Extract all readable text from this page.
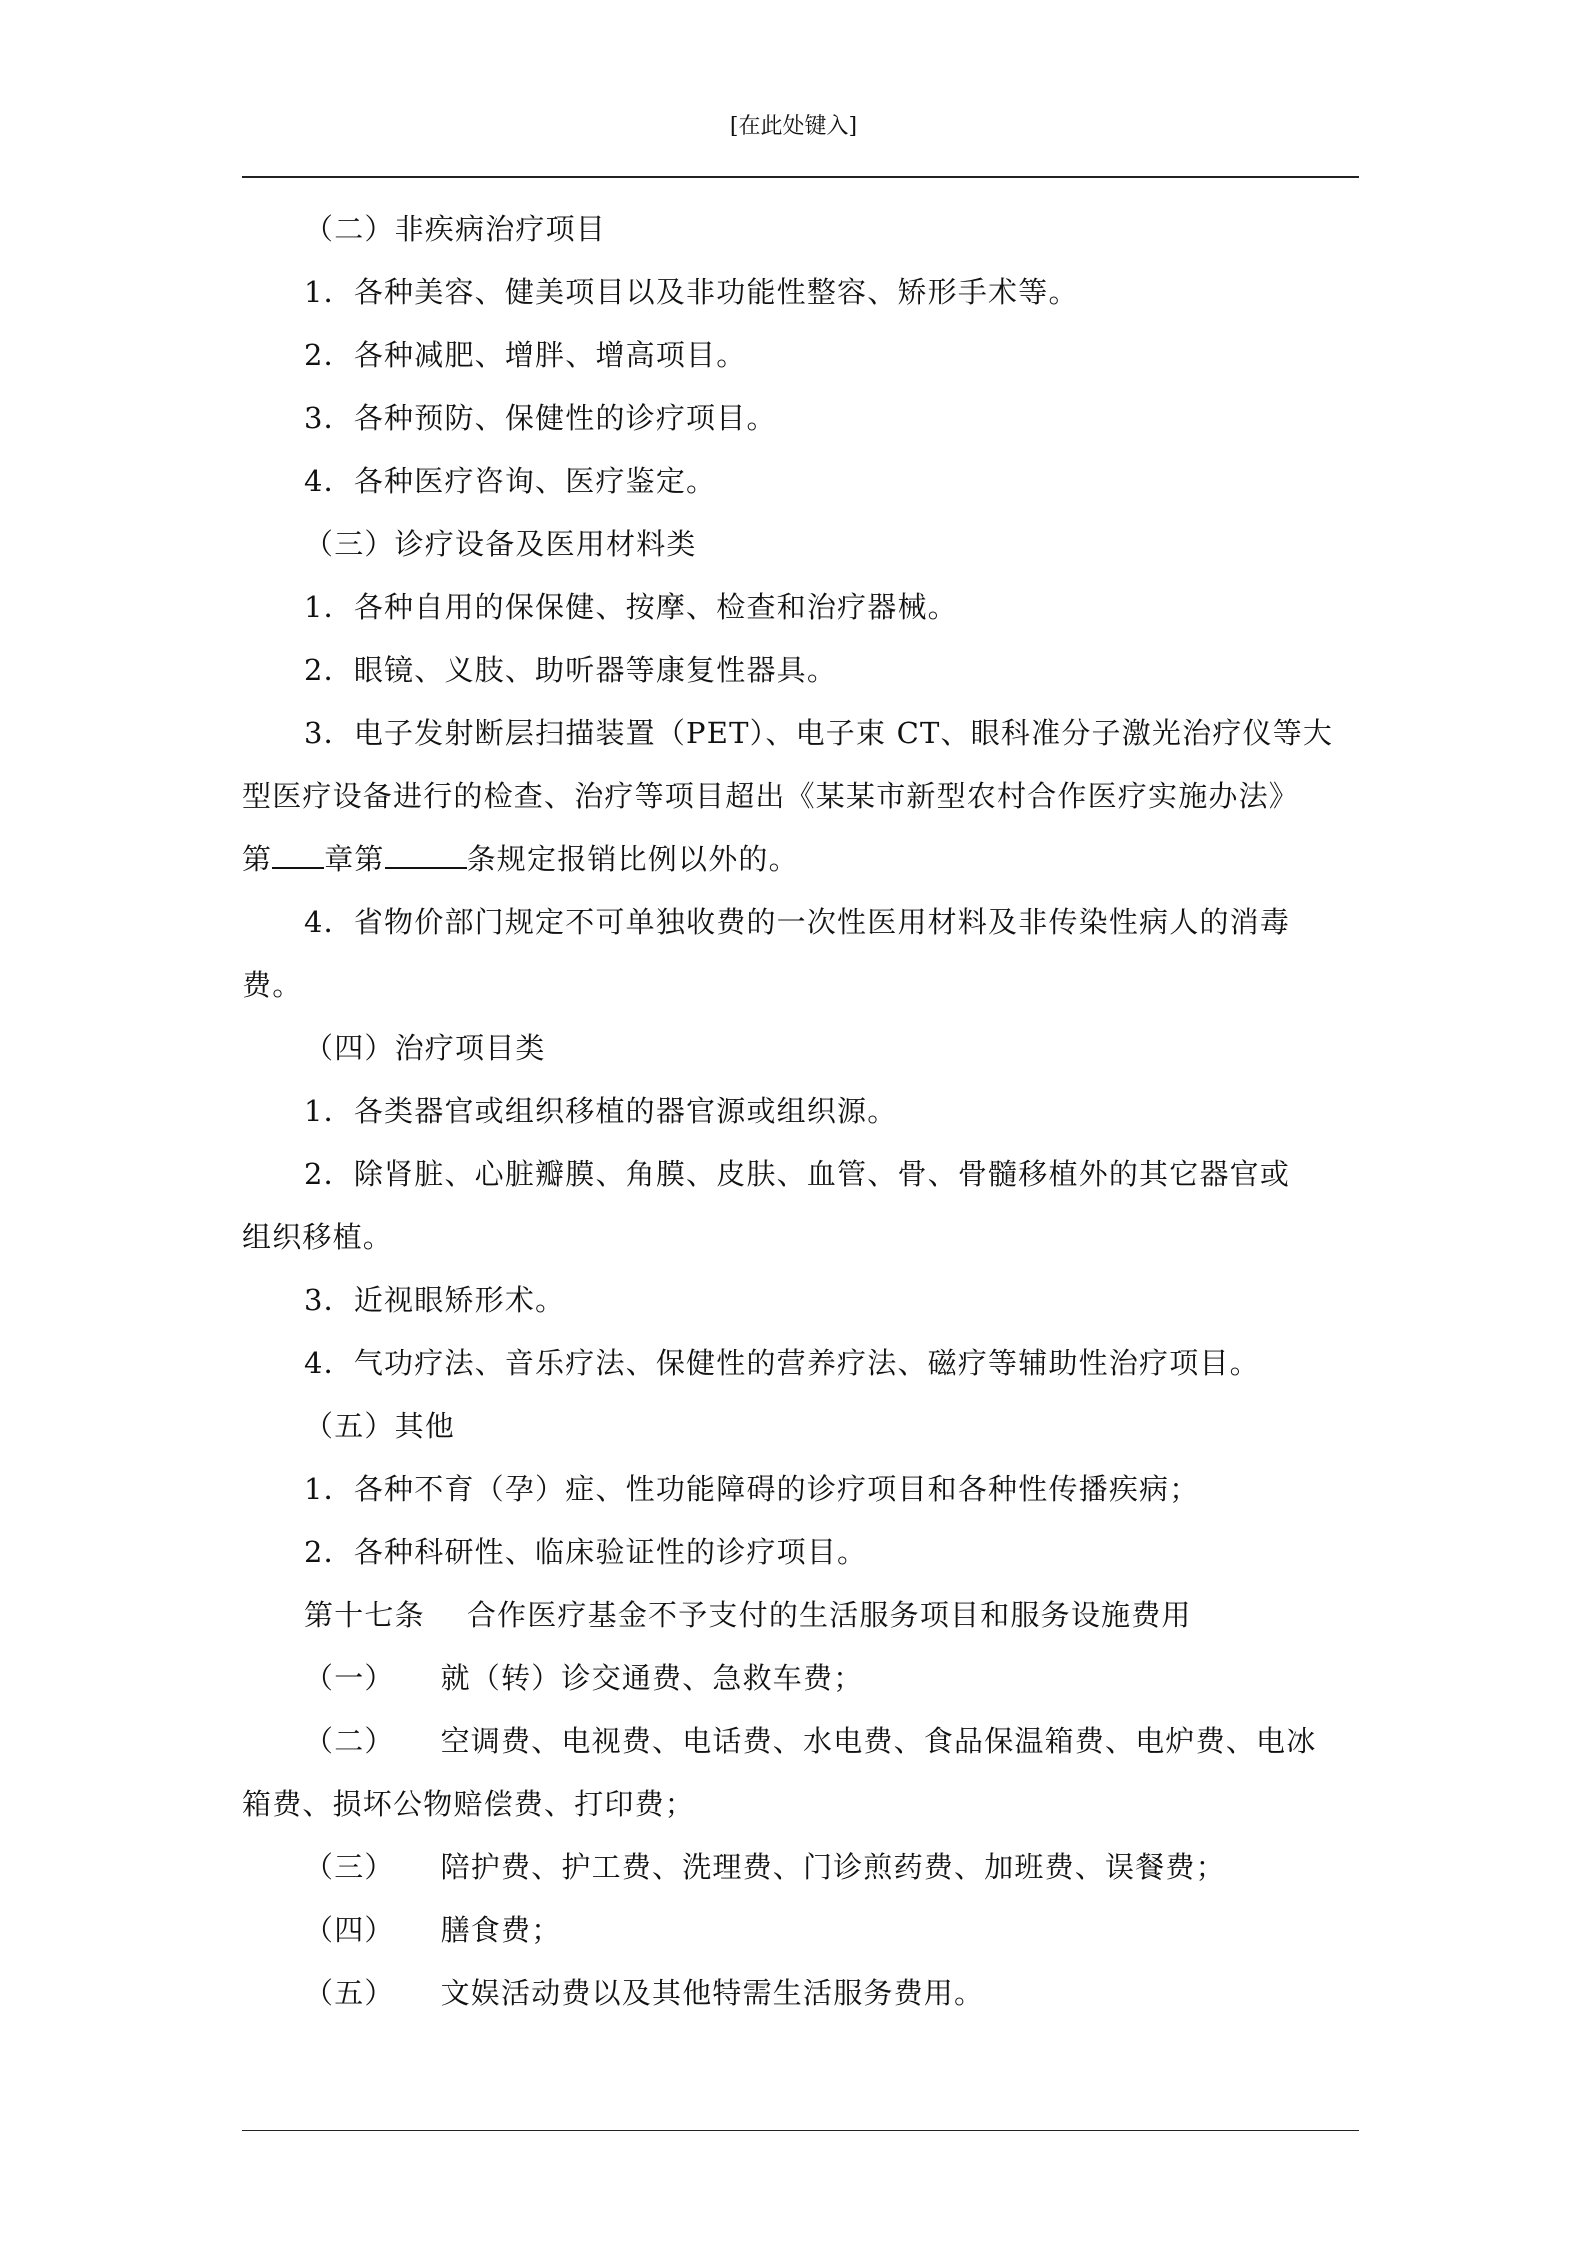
[在此处键入]

（二）非疾病治疗项目

1．各种美容、健美项目以及非功能性整容、矫形手术等。

2．各种减肥、增胖、增高项目。

3．各种预防、保健性的诊疗项目。

4．各种医疗咨询、医疗鉴定。

（三）诊疗设备及医用材料类

1．各种自用的保保健、按摩、检查和治疗器械。

2．眼镜、义肢、助听器等康复性器具。

3．电子发射断层扫描装置（PET）、电子束 CT、眼科准分子激光治疗仪等大

型医疗设备进行的检查、治疗等项目超出《某某市新型农村合作医疗实施办法》

第 章第	条规定报销比例以外的。

4．省物价部门规定不可单独收费的一次性医用材料及非传染性病人的消毒

费。

（四）治疗项目类

1．各类器官或组织移植的器官源或组织源。

2．除肾脏、心脏瓣膜、角膜、皮肤、血管、骨、骨髓移植外的其它器官或

组织移植。

3．近视眼矫形术。

4．气功疗法、音乐疗法、保健性的营养疗法、磁疗等辅助性治疗项目。

（五）其他

1．各种不育（孕）症、性功能障碍的诊疗项目和各种性传播疾病；

2．各种科研性、临床验证性的诊疗项目。

第十七条 合作医疗基金不予支付的生活服务项目和服务设施费用

（一） 就（转）诊交通费、急救车费；

（二） 空调费、电视费、电话费、水电费、食品保温箱费、电炉费、电冰

箱费、损坏公物赔偿费、打印费；

（三） 陪护费、护工费、洗理费、门诊煎药费、加班费、误餐费；

（四） 膳食费；

（五） 文娱活动费以及其他特需生活服务费用。
